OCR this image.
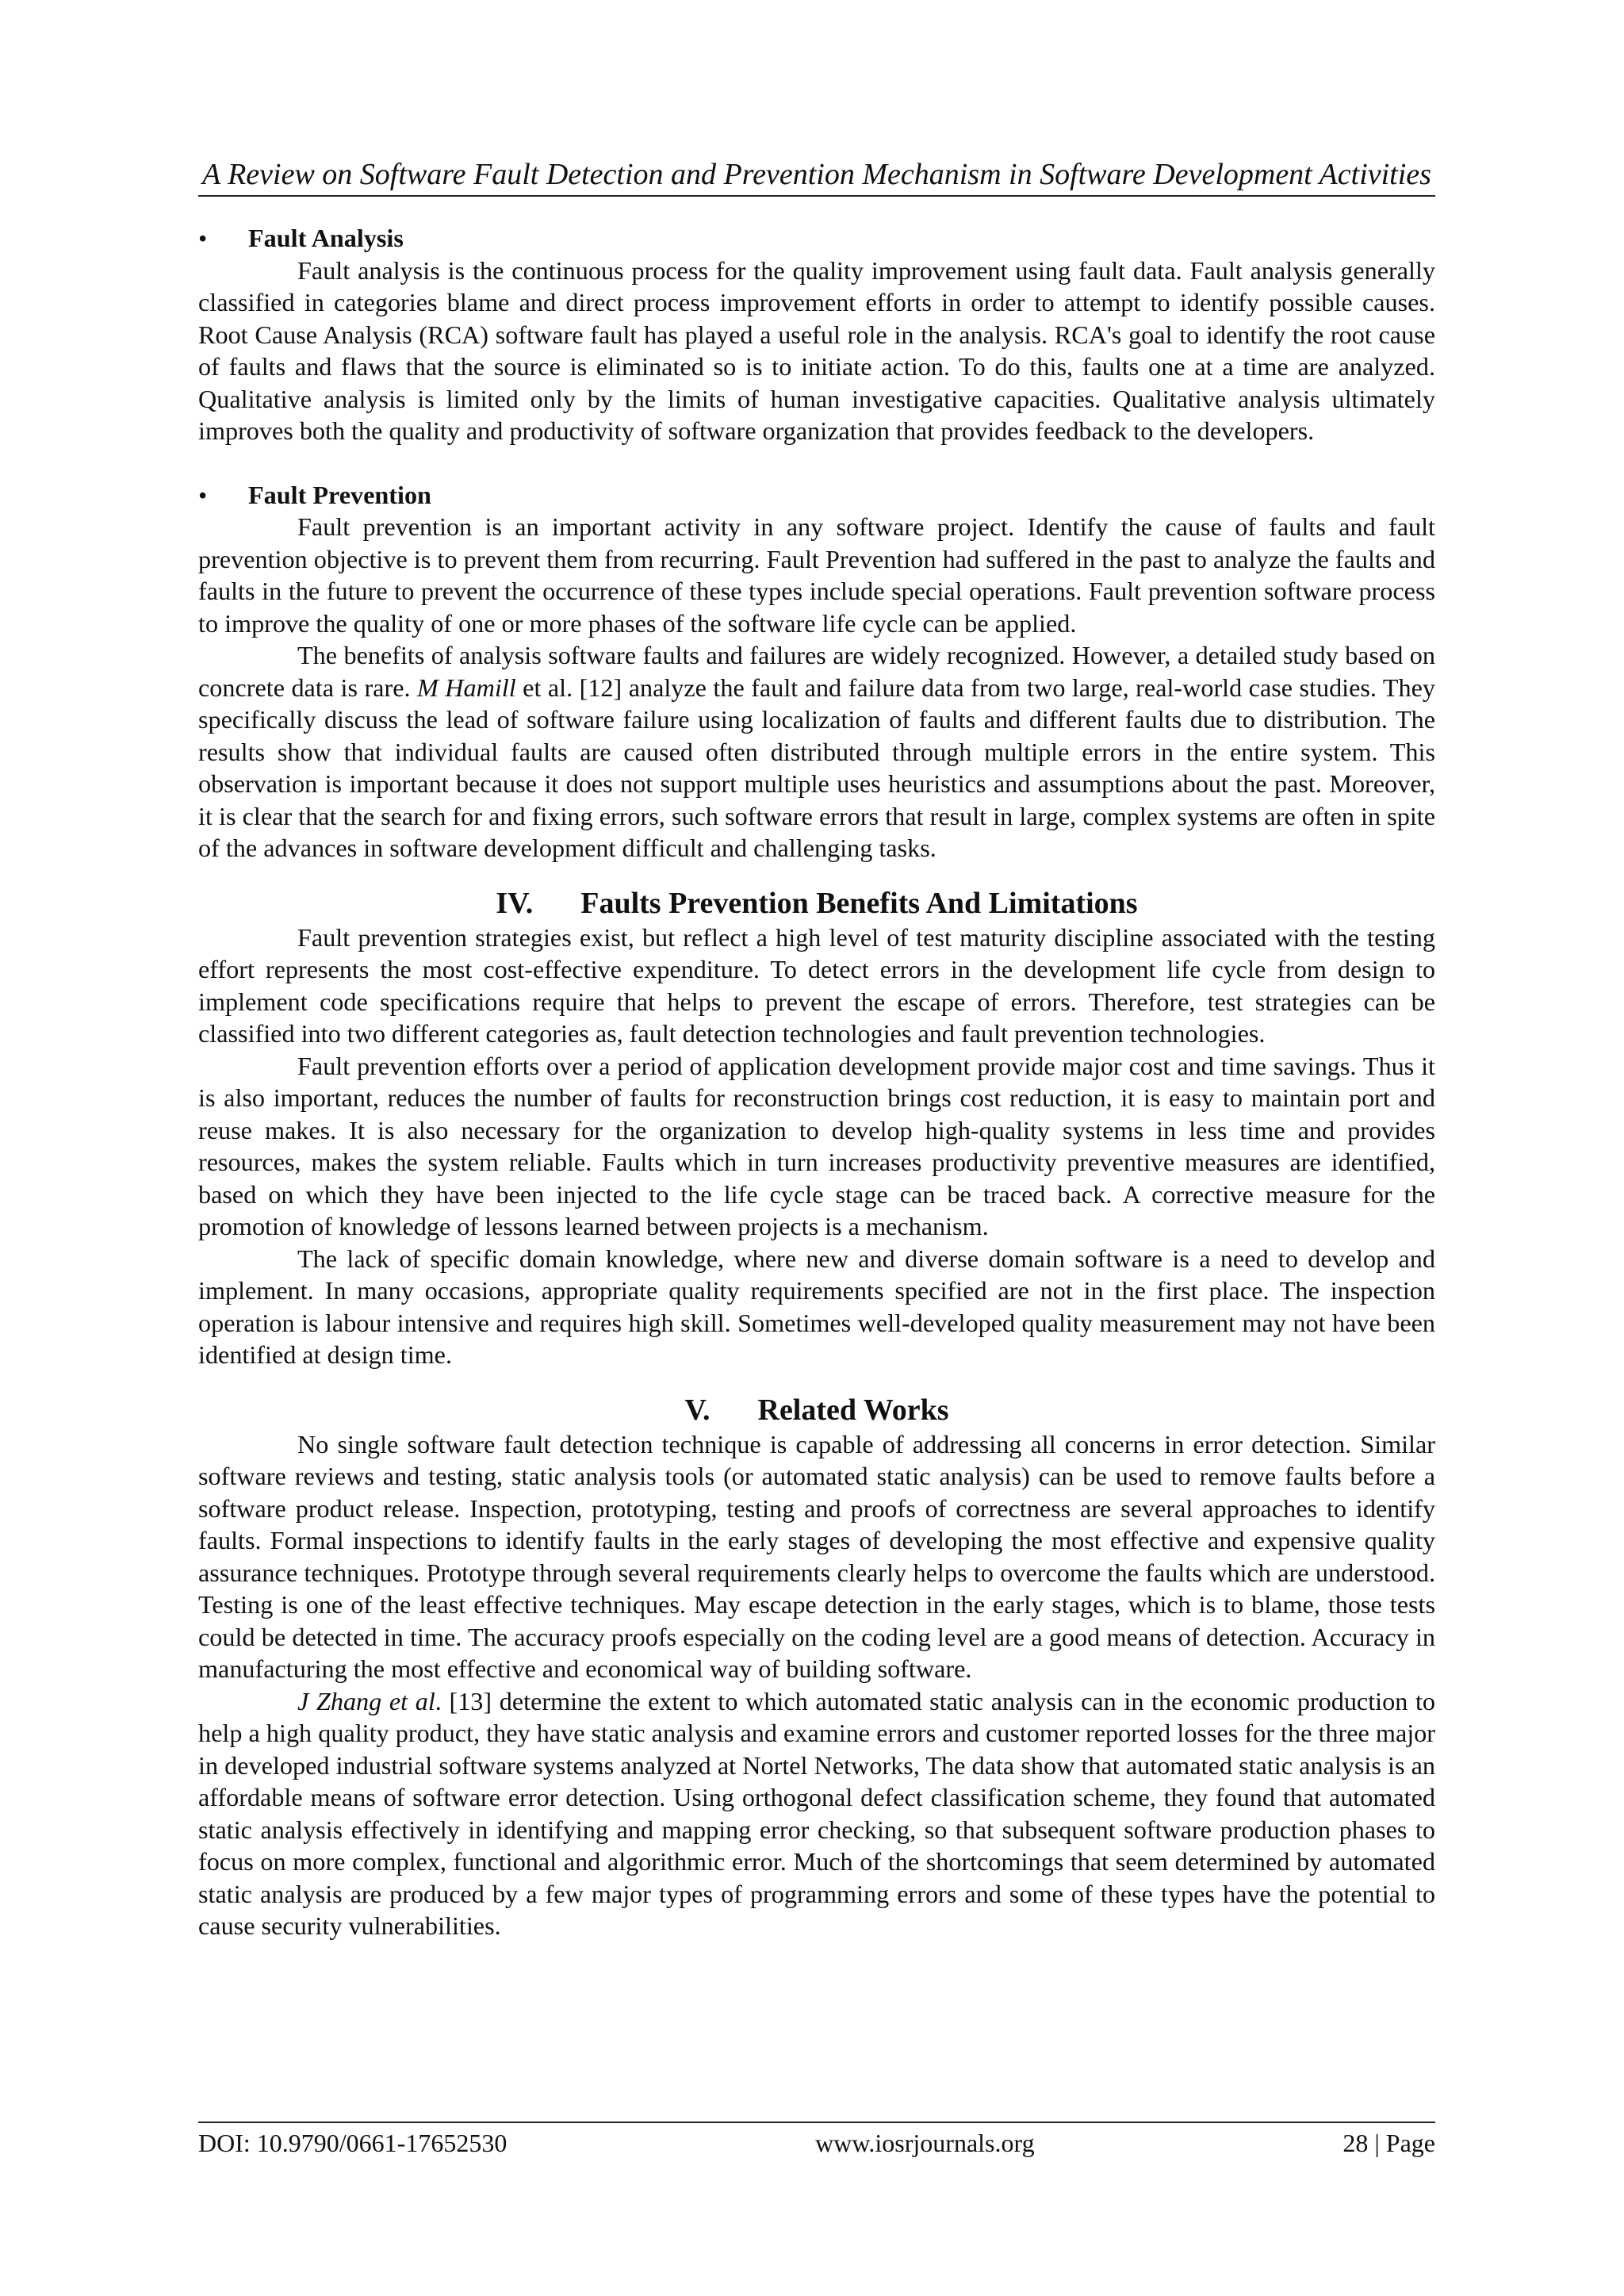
A Review on Software Fault Detection and Prevention Mechanism in Software Development Activities
•	Fault Analysis

Fault analysis is the continuous process for the quality improvement using fault data. Fault analysis generally classified in categories blame and direct process improvement efforts in order to attempt to identify possible causes. Root Cause Analysis (RCA) software fault has played a useful role in the analysis. RCA's goal to identify the root cause of faults and flaws that the source is eliminated so is to initiate action. To do this, faults one at a time are analyzed. Qualitative analysis is limited only by the limits of human investigative capacities. Qualitative analysis ultimately improves both the quality and productivity of software organization that provides feedback to the developers.

•	Fault Prevention

Fault prevention is an important activity in any software project. Identify the cause of faults and fault prevention objective is to prevent them from recurring. Fault Prevention had suffered in the past to analyze the faults and faults in the future to prevent the occurrence of these types include special operations. Fault prevention software process to improve the quality of one or more phases of the software life cycle can be applied.

The benefits of analysis software faults and failures are widely recognized. However, a detailed study based on concrete data is rare. M Hamill et al. [12] analyze the fault and failure data from two large, real-world case studies. They specifically discuss the lead of software failure using localization of faults and different faults due to distribution. The results show that individual faults are caused often distributed through multiple errors in the entire system. This observation is important because it does not support multiple uses heuristics and assumptions about the past. Moreover, it is clear that the search for and fixing errors, such software errors that result in large, complex systems are often in spite of the advances in software development difficult and challenging tasks.

IV. Faults Prevention Benefits And Limitations

Fault prevention strategies exist, but reflect a high level of test maturity discipline associated with the testing effort represents the most cost-effective expenditure. To detect errors in the development life cycle from design to implement code specifications require that helps to prevent the escape of errors. Therefore, test strategies can be classified into two different categories as, fault detection technologies and fault prevention technologies.

Fault prevention efforts over a period of application development provide major cost and time savings. Thus it is also important, reduces the number of faults for reconstruction brings cost reduction, it is easy to maintain port and reuse makes. It is also necessary for the organization to develop high-quality systems in less time and provides resources, makes the system reliable. Faults which in turn increases productivity preventive measures are identified, based on which they have been injected to the life cycle stage can be traced back. A corrective measure for the promotion of knowledge of lessons learned between projects is a mechanism.

The lack of specific domain knowledge, where new and diverse domain software is a need to develop and implement. In many occasions, appropriate quality requirements specified are not in the first place. The inspection operation is labour intensive and requires high skill. Sometimes well-developed quality measurement may not have been identified at design time.

V. Related Works

No single software fault detection technique is capable of addressing all concerns in error detection. Similar software reviews and testing, static analysis tools (or automated static analysis) can be used to remove faults before a software product release. Inspection, prototyping, testing and proofs of correctness are several approaches to identify faults. Formal inspections to identify faults in the early stages of developing the most effective and expensive quality assurance techniques. Prototype through several requirements clearly helps to overcome the faults which are understood. Testing is one of the least effective techniques. May escape detection in the early stages, which is to blame, those tests could be detected in time. The accuracy proofs especially on the coding level are a good means of detection. Accuracy in manufacturing the most effective and economical way of building software.

J Zhang et al. [13] determine the extent to which automated static analysis can in the economic production to help a high quality product, they have static analysis and examine errors and customer reported losses for the three major in developed industrial software systems analyzed at Nortel Networks, The data show that automated static analysis is an affordable means of software error detection. Using orthogonal defect classification scheme, they found that automated static analysis effectively in identifying and mapping error checking, so that subsequent software production phases to focus on more complex, functional and algorithmic error. Much of the shortcomings that seem determined by automated static analysis are produced by a few major types of programming errors and some of these types have the potential to cause security vulnerabilities.

DOI: 10.9790/0661-17652530	www.iosrjournals.org	28 | Page
